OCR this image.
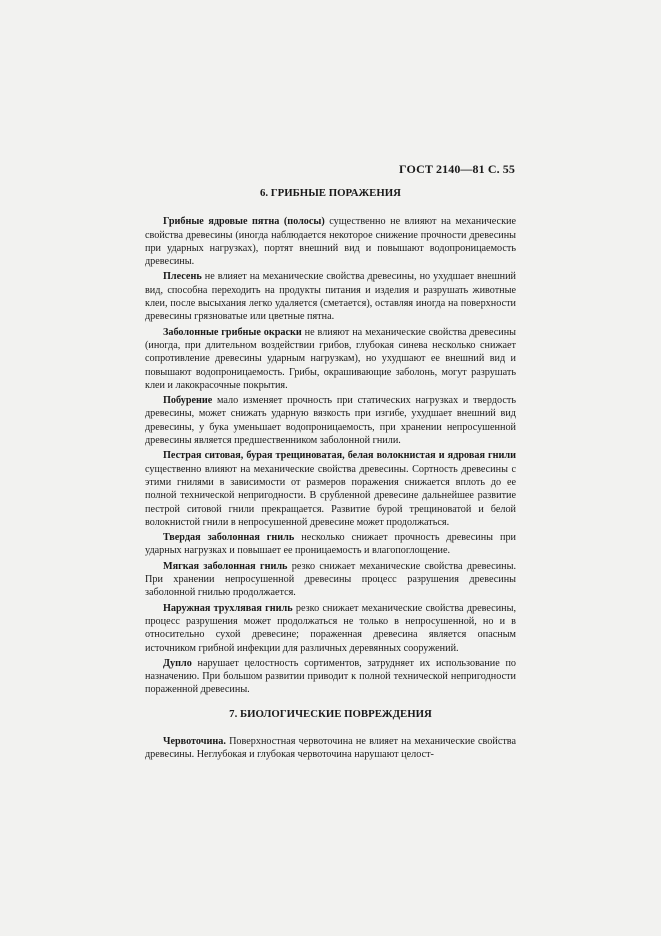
ГОСТ 2140—81 С. 55
6. ГРИБНЫЕ ПОРАЖЕНИЯ

Грибные ядровые пятна (полосы) существенно не влияют на механические свойства древесины (иногда наблюдается некоторое снижение прочности древесины при ударных нагрузках), портят внешний вид и повышают водопроницаемость древесины.

Плесень не влияет на механические свойства древесины, но ухудшает внешний вид, способна переходить на продукты питания и изделия и разрушать животные клеи, после высыхания легко удаляется (сметается), оставляя иногда на поверхности древесины грязноватые или цветные пятна.

Заболонные грибные окраски не влияют на механические свойства древесины (иногда, при длительном воздействии грибов, глубокая синева несколько снижает сопротивление древесины ударным нагрузкам), но ухудшают ее внешний вид и повышают водопроницаемость. Грибы, окрашивающие заболонь, могут разрушать клеи и лакокрасочные покрытия.

Побурение мало изменяет прочность при статических нагрузках и твердость древесины, может снижать ударную вязкость при изгибе, ухудшает внешний вид древесины, у бука уменьшает водопроницаемость, при хранении непросушенной древесины является предшественником заболонной гнили.

Пестрая ситовая, бурая трещиноватая, белая волокнистая и ядровая гнили существенно влияют на механические свойства древесины. Сортность древесины с этими гнилями в зависимости от размеров поражения снижается вплоть до ее полной технической непригодности. В срубленной древесине дальнейшее развитие пестрой ситовой гнили прекращается. Развитие бурой трещиноватой и белой волокнистой гнили в непросушенной древесине может продолжаться.

Твердая заболонная гниль несколько снижает прочность древесины при ударных нагрузках и повышает ее проницаемость и влагопоглощение.

Мягкая заболонная гниль резко снижает механические свойства древесины. При хранении непросушенной древесины процесс разрушения древесины заболонной гнилью продолжается.

Наружная трухлявая гниль резко снижает механические свойства древесины, процесс разрушения может продолжаться не только в непросушенной, но и в относительно сухой древесине; пораженная древесина является опасным источником грибной инфекции для различных деревянных сооружений.

Дупло нарушает целостность сортиментов, затрудняет их использование по назначению. При большом развитии приводит к полной технической непригодности пораженной древесины.

7. БИОЛОГИЧЕСКИЕ ПОВРЕЖДЕНИЯ

Червоточина. Поверхностная червоточина не влияет на механические свойства древесины. Неглубокая и глубокая червоточина нарушают целост-
